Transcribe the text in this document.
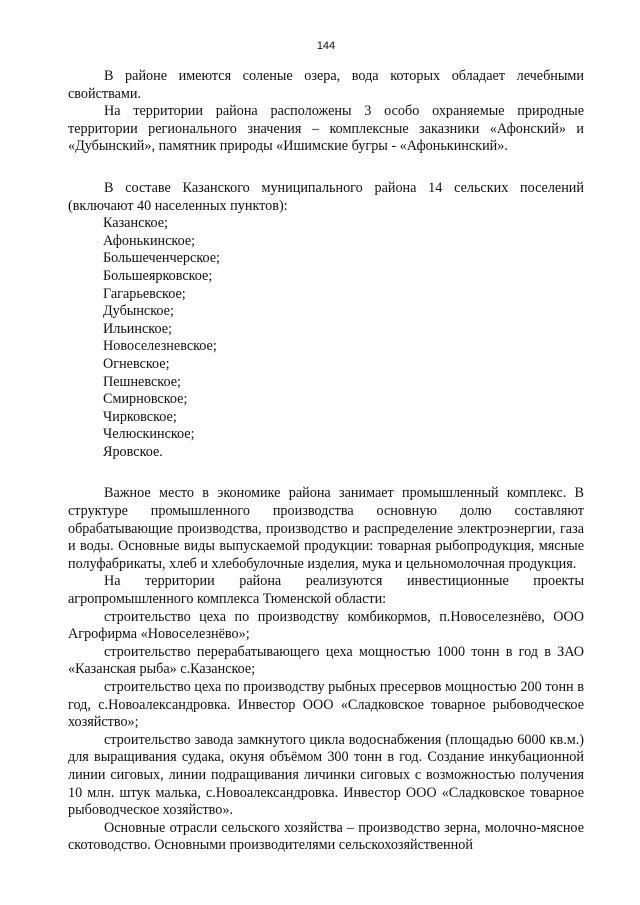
144

В районе имеются соленые озера, вода которых обладает лечебными свойствами.

На территории района расположены 3 особо охраняемые природные территории регионального значения – комплексные заказники «Афонский» и «Дубынский», памятник природы «Ишимские бугры - «Афонькинский».

В составе Казанского муниципального района 14 сельских поселений (включают 40 населенных пунктов):

Казанское;
Афонькинское;
Большеченчерское;
Большеярковское;
Гагарьевское;
Дубынское;
Ильинское;
Новоселезневское;
Огневское;
Пешневское;
Смирновское;
Чирковское;
Челюскинское;
Яровское.

Важное место в экономике района занимает промышленный комплекс. В структуре промышленного производства основную долю составляют обрабатывающие производства, производство и распределение электроэнергии, газа и воды. Основные виды выпускаемой продукции: товарная рыбопродукция, мясные полуфабрикаты, хлеб и хлебобулочные изделия, мука и цельномолочная продукция.

На территории района реализуются инвестиционные проекты агропромышленного комплекса Тюменской области:

строительство цеха по производству комбикормов, п.Новоселезнёво, ООО Агрофирма «Новоселезнёво»;

строительство перерабатывающего цеха мощностью 1000 тонн в год в ЗАО «Казанская рыба» с.Казанское;

строительство цеха по производству рыбных пресервов мощностью 200 тонн в год, с.Новоалександровка. Инвестор ООО «Сладковское товарное рыбоводческое хозяйство»;

строительство завода замкнутого цикла водоснабжения (площадью 6000 кв.м.) для выращивания судака, окуня объёмом 300 тонн в год. Создание инкубационной линии сиговых, линии подращивания личинки сиговых с возможностью получения 10 млн. штук малька, с.Новоалександровка. Инвестор ООО «Сладковское товарное рыбоводческое хозяйство».

Основные отрасли сельского хозяйства – производство зерна, молочно-мясное скотоводство. Основными производителями сельскохозяйственной
